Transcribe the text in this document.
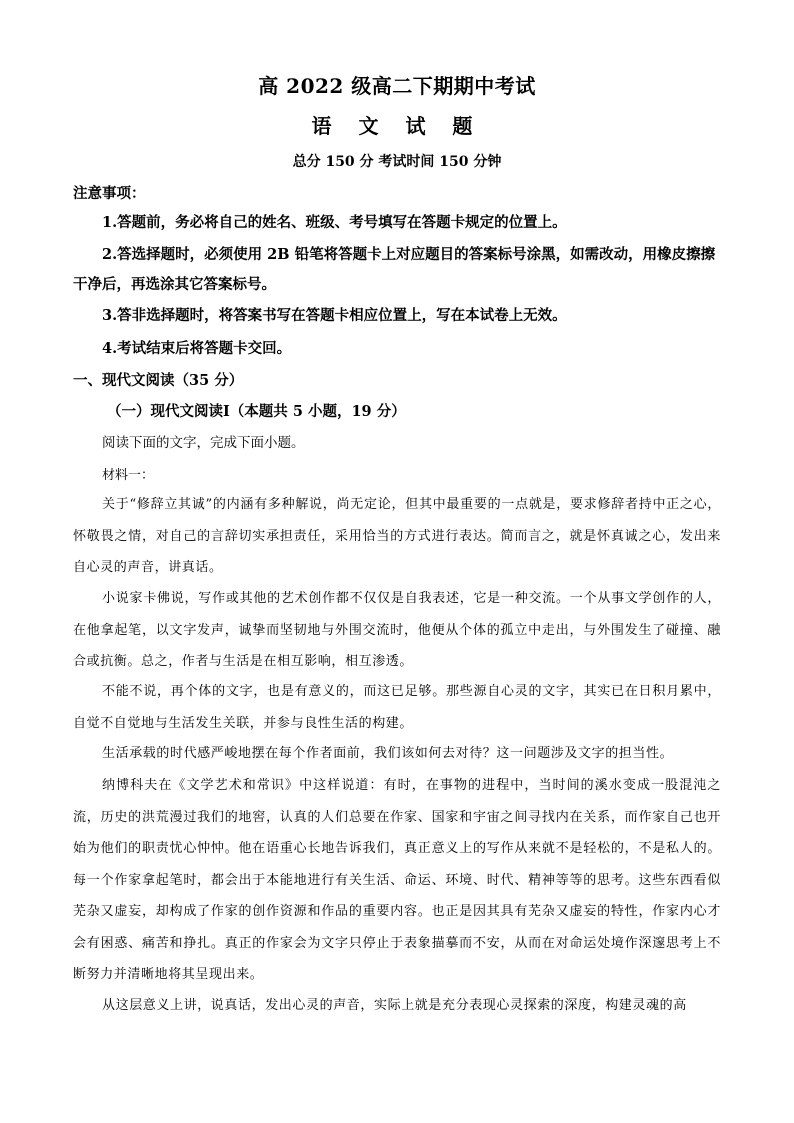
高 2022 级高二下期期中考试
语 文 试 题
总分 150 分 考试时间 150 分钟
注意事项：
1.答题前，务必将自己的姓名、班级、考号填写在答题卡规定的位置上。
2.答选择题时，必须使用 2B 铅笔将答题卡上对应题目的答案标号涂黑，如需改动，用橡皮擦擦干净后，再选涂其它答案标号。
3.答非选择题时，将答案书写在答题卡相应位置上，写在本试卷上无效。
4.考试结束后将答题卡交回。
一、现代文阅读（35 分）
（一）现代文阅读Ⅰ（本题共 5 小题，19 分）
阅读下面的文字，完成下面小题。
材料一：
关于“修辞立其诚”的内涵有多种解说，尚无定论，但其中最重要的一点就是，要求修辞者持中正之心，怀敬畏之情，对自己的言辞切实承担责任，采用恰当的方式进行表达。简而言之，就是怀真诚之心，发出来自心灵的声音，讲真话。
小说家卡佛说，写作或其他的艺术创作都不仅仅是自我表述，它是一种交流。一个从事文学创作的人，在他拿起笔，以文字发声，诚挚而坚韧地与外围交流时，他便从个体的孤立中走出，与外围发生了碰撞、融合或抗衡。总之，作者与生活是在相互影响，相互渗透。
不能不说，再个体的文字，也是有意义的，而这已足够。那些源自心灵的文字，其实已在日积月累中，自觉不自觉地与生活发生关联，并参与良性生活的构建。
生活承载的时代感严峻地摆在每个作者面前，我们该如何去对待？这一问题涉及文字的担当性。
纳博科夫在《文学艺术和常识》中这样说道：有时，在事物的进程中，当时间的溪水变成一股混沌之流，历史的洪荒漫过我们的地窖，认真的人们总要在作家、国家和宇宙之间寻找内在关系，而作家自己也开始为他们的职责忧心忡忡。他在语重心长地告诉我们，真正意义上的写作从来就不是轻松的，不是私人的。每一个作家拿起笔时，都会出于本能地进行有关生活、命运、环境、时代、精神等等的思考。这些东西看似芜杂又虚妄，却构成了作家的创作资源和作品的重要内容。也正是因其具有芜杂又虚妄的特性，作家内心才会有困惑、痛苦和挣扎。真正的作家会为文字只停止于表象描摹而不安，从而在对命运处境作深邃思考上不断努力并清晰地将其呈现出来。
从这层意义上讲，说真话，发出心灵的声音，实际上就是充分表现心灵探索的深度，构建灵魂的高
